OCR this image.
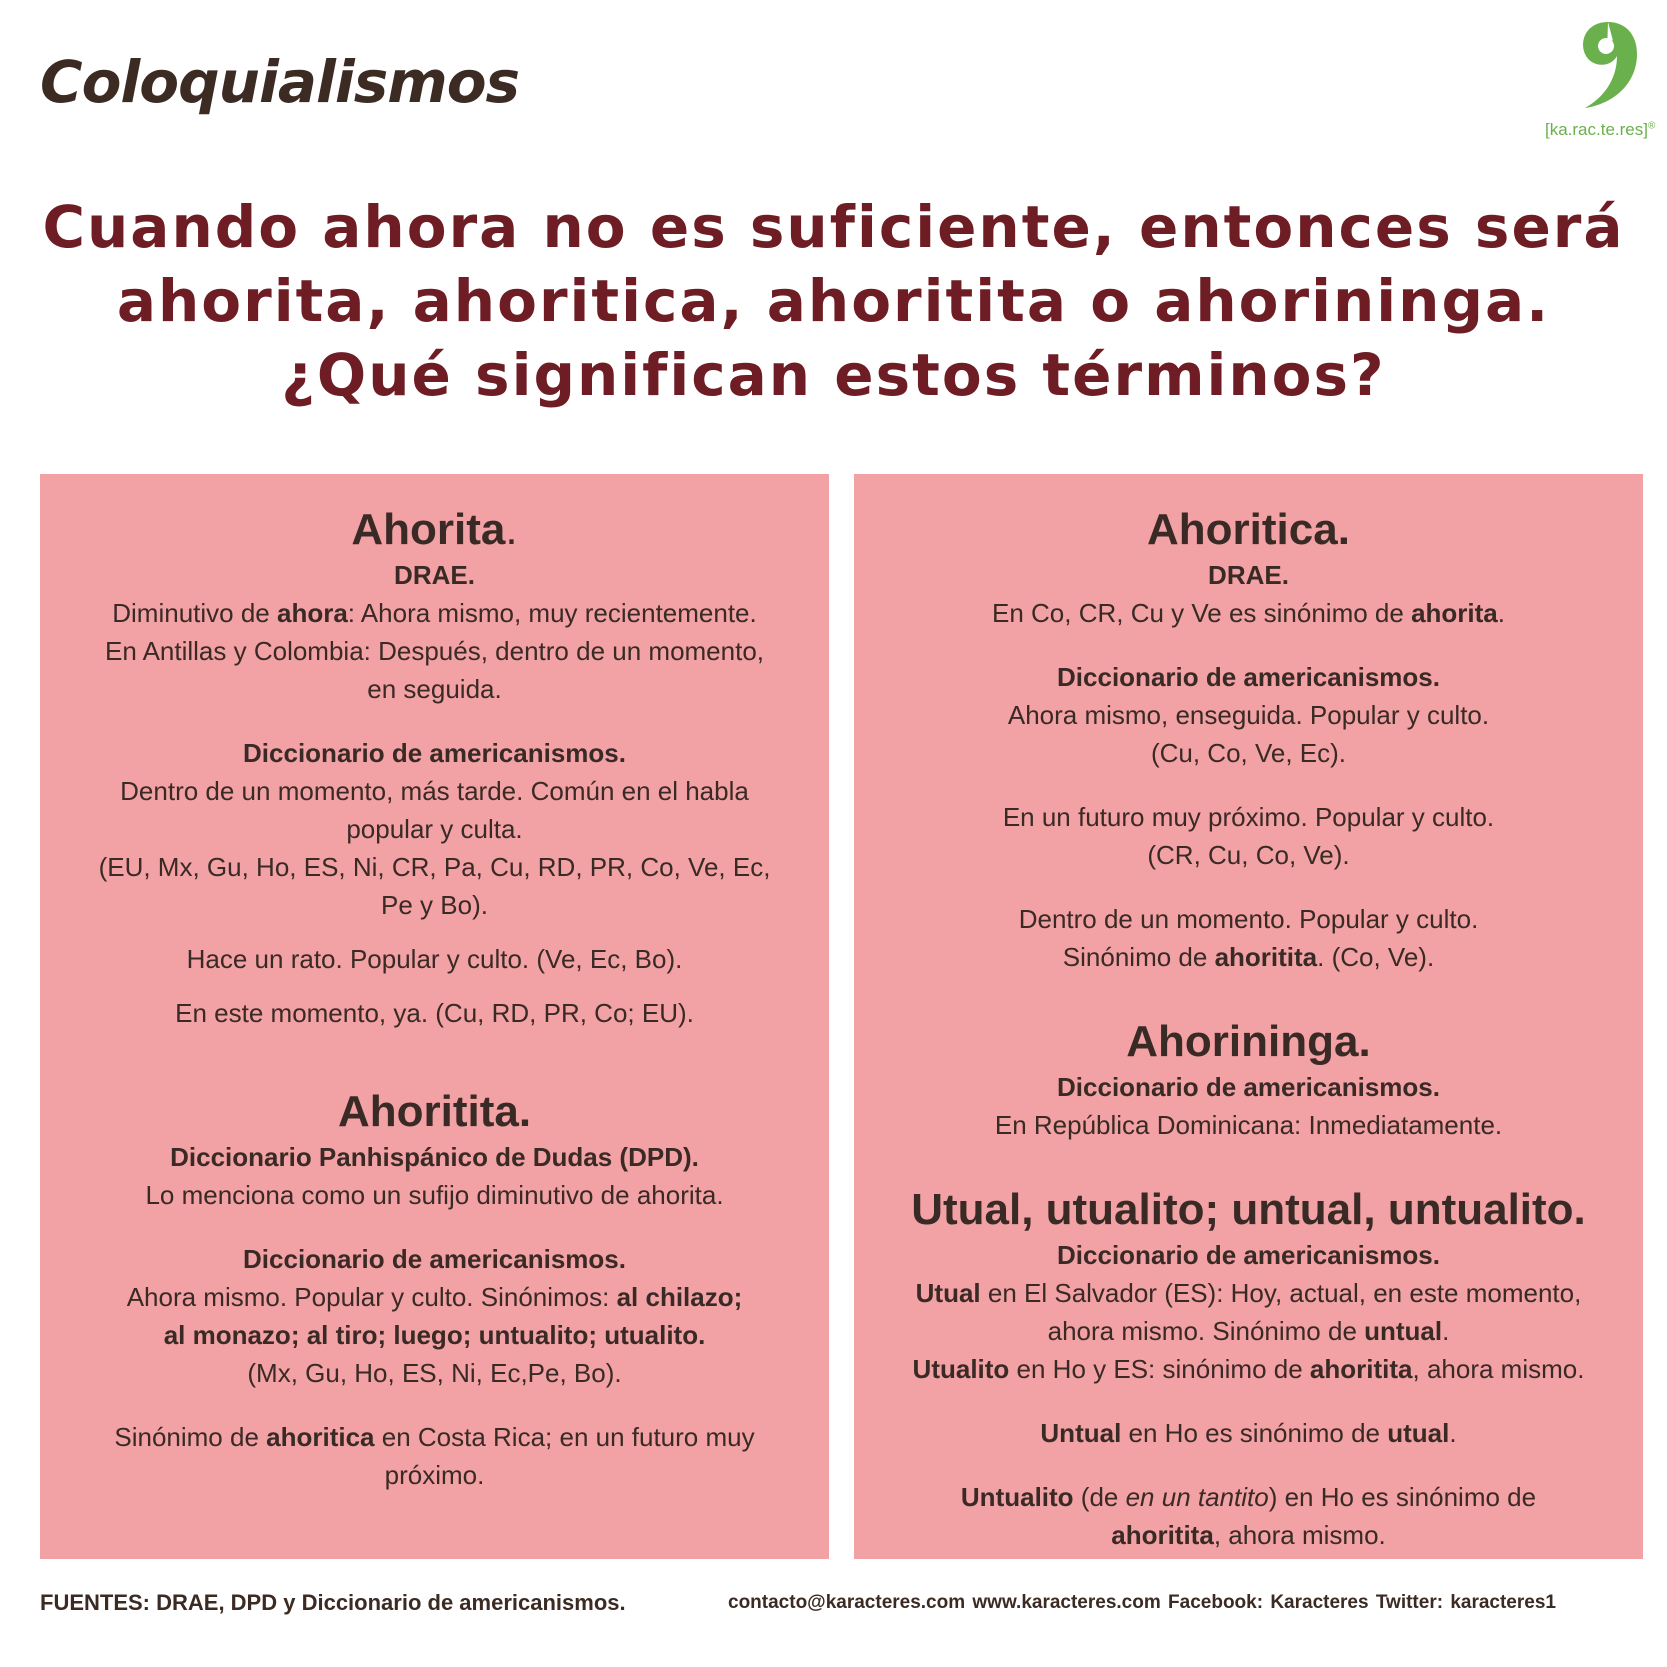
Coloquialismos
[ka.rac.te.res]®
Cuando ahora no es suficiente, entonces será
ahorita, ahoritica, ahoritita o ahorininga.
¿Qué significan estos términos?
Ahorita.

DRAE.

Diminutivo de ahora: Ahora mismo, muy recientemente.

En Antillas y Colombia: Después, dentro de un momento,

en seguida.

Diccionario de americanismos.

Dentro de un momento, más tarde. Común en el habla

popular y culta.

(EU, Mx, Gu, Ho, ES, Ni, CR, Pa, Cu, RD, PR, Co, Ve, Ec,

Pe y Bo).

Hace un rato. Popular y culto. (Ve, Ec, Bo).

En este momento, ya. (Cu, RD, PR, Co; EU).

Ahoritita.

Diccionario Panhispánico de Dudas (DPD).

Lo menciona como un sufijo diminutivo de ahorita.

Diccionario de americanismos.

Ahora mismo. Popular y culto. Sinónimos: al chilazo;

al monazo; al tiro; luego; untualito; utualito.

(Mx, Gu, Ho, ES, Ni, Ec,Pe, Bo).

Sinónimo de ahoritica en Costa Rica; en un futuro muy

próximo.

Ahoritica.

DRAE.

En Co, CR, Cu y Ve es sinónimo de ahorita.

Diccionario de americanismos.

Ahora mismo, enseguida. Popular y culto.

(Cu, Co, Ve, Ec).

En un futuro muy próximo. Popular y culto.

(CR, Cu, Co, Ve).

Dentro de un momento. Popular y culto.

Sinónimo de ahoritita. (Co, Ve).

Ahorininga.

Diccionario de americanismos.

En República Dominicana: Inmediatamente.

Utual, utualito; untual, untualito.

Diccionario de americanismos.

Utual en El Salvador (ES): Hoy, actual, en este momento,

ahora mismo. Sinónimo de untual.

Utualito en Ho y ES: sinónimo de ahoritita, ahora mismo.

Untual en Ho es sinónimo de utual.

Untualito (de en un tantito) en Ho es sinónimo de

ahoritita, ahora mismo.

FUENTES: DRAE, DPD y Diccionario de americanismos.	contacto@karacteres.com www.karacteres.com Facebook: Karacteres Twitter: karacteres1
